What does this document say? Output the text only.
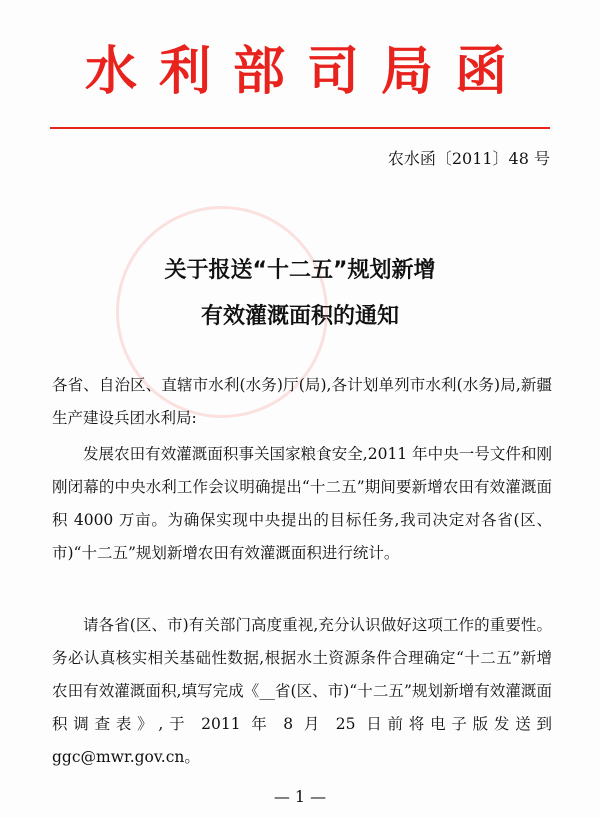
水利部司局函
农水函〔2011〕48 号
关于报送“十二五”规划新增
有效灌溉面积的通知
各省、自治区、直辖市水利(水务)厅(局),各计划单列市水利(水务)局,新疆生产建设兵团水利局:
发展农田有效灌溉面积事关国家粮食安全,2011 年中央一号文件和刚刚闭幕的中央水利工作会议明确提出“十二五”期间要新增农田有效灌溉面积 4000 万亩。为确保实现中央提出的目标任务,我司决定对各省(区、市)“十二五”规划新增农田有效灌溉面积进行统计。
请各省(区、市)有关部门高度重视,充分认识做好这项工作的重要性。务必认真核实相关基础性数据,根据水土资源条件合理确定“十二五”新增农田有效灌溉面积,填写完成《__省(区、市)“十二五”规划新增有效灌溉面积调查表》,于 2011 年 8 月 25 日前将电子版发送到 ggc@mwr.gov.cn。
— 1 —
